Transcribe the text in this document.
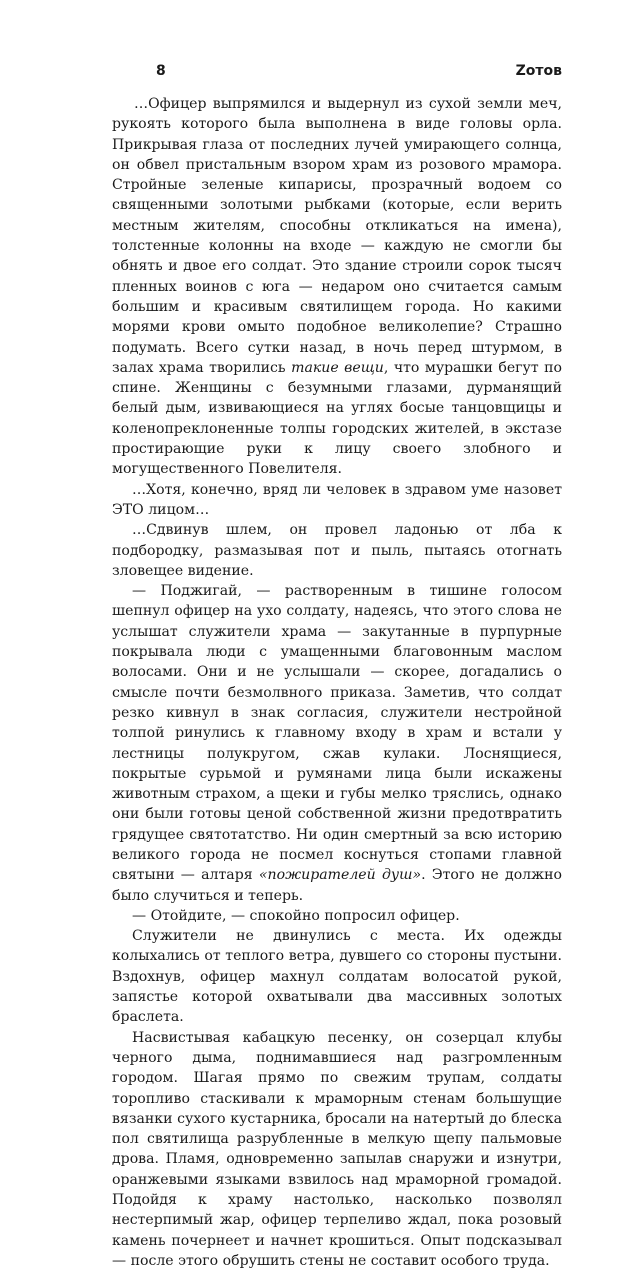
8	Zотов

…Офицер выпрямился и выдернул из сухой земли меч, рукоять которого была выполнена в виде головы орла. Прикрывая глаза от последних лучей умирающего солнца, он обвел пристальным взором храм из розового мрамора. Стройные зеленые кипарисы, прозрачный водоем со священными золотыми рыбками (которые, если верить местным жителям, способны откликаться на имена), толстенные колонны на входе — каждую не смогли бы обнять и двое его солдат. Это здание строили сорок тысяч пленных воинов с юга — недаром оно считается самым большим и красивым святилищем города. Но какими морями крови омыто подобное великолепие? Страшно подумать. Всего сутки назад, в ночь перед штурмом, в залах храма творились такие вещи, что мурашки бегут по спине. Женщины с безумными глазами, дурманящий белый дым, извивающиеся на углях босые танцовщицы и коленопреклоненные толпы городских жителей, в экстазе простирающие руки к лицу своего злобного и могущественного Повелителя.

…Хотя, конечно, вряд ли человек в здравом уме назовет ЭТО лицом…

…Сдвинув шлем, он провел ладонью от лба к подбородку, размазывая пот и пыль, пытаясь отогнать зловещее видение.

— Поджигай, — растворенным в тишине голосом шепнул офицер на ухо солдату, надеясь, что этого слова не услышат служители храма — закутанные в пурпурные покрывала люди с умащенными благовонным маслом волосами. Они и не услышали — скорее, догадались о смысле почти безмолвного приказа. Заметив, что солдат резко кивнул в знак согласия, служители нестройной толпой ринулись к главному входу в храм и встали у лестницы полукругом, сжав кулаки. Лоснящиеся, покрытые сурьмой и румянами лица были искажены животным страхом, а щеки и губы мелко тряслись, однако они были готовы ценой собственной жизни предотвратить грядущее святотатство. Ни один смертный за всю историю великого города не посмел коснуться стопами главной святыни — алтаря «пожирателей душ». Этого не должно было случиться и теперь.

— Отойдите, — спокойно попросил офицер.

Служители не двинулись с места. Их одежды колыхались от теплого ветра, дувшего со стороны пустыни. Вздохнув, офицер махнул солдатам волосатой рукой, запястье которой охватывали два массивных золотых браслета.

Насвистывая кабацкую песенку, он созерцал клубы черного дыма, поднимавшиеся над разгромленным городом. Шагая прямо по свежим трупам, солдаты торопливо стаскивали к мраморным стенам большущие вязанки сухого кустарника, бросали на натертый до блеска пол святилища разрубленные в мелкую щепу пальмовые дрова. Пламя, одновременно запылав снаружи и изнутри, оранжевыми языками взвилось над мраморной громадой. Подойдя к храму настолько, насколько позволял нестерпимый жар, офицер терпеливо ждал, пока розовый камень почернеет и начнет крошиться. Опыт подсказывал — после этого обрушить стены не составит особого труда.
